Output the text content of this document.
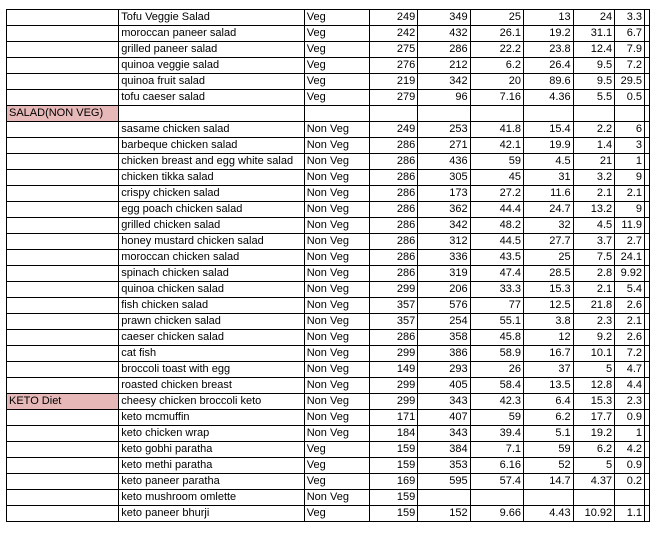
	Tofu Veggie Salad	Veg	249	349	25	13	24	3.3	
	moroccan paneer salad	Veg	242	432	26.1	19.2	31.1	6.7	
	grilled paneer salad	Veg	275	286	22.2	23.8	12.4	7.9	
	quinoa veggie salad	Veg	276	212	6.2	26.4	9.5	7.2	
	quinoa fruit salad	Veg	219	342	20	89.6	9.5	29.5	
	tofu caeser salad	Veg	279	96	7.16	4.36	5.5	0.5	
SALAD(NON VEG)									
	sasame chicken salad	Non Veg	249	253	41.8	15.4	2.2	6	
	barbeque chicken salad	Non Veg	286	271	42.1	19.9	1.4	3	
	chicken breast and egg white salad	Non Veg	286	436	59	4.5	21	1	
	chicken tikka salad	Non Veg	286	305	45	31	3.2	9	
	crispy chicken salad	Non Veg	286	173	27.2	11.6	2.1	2.1	
	egg poach chicken salad	Non Veg	286	362	44.4	24.7	13.2	9	
	grilled chicken salad	Non Veg	286	342	48.2	32	4.5	11.9	
	honey mustard chicken salad	Non Veg	286	312	44.5	27.7	3.7	2.7	
	moroccan chicken salad	Non Veg	286	336	43.5	25	7.5	24.1	
	spinach chicken salad	Non Veg	286	319	47.4	28.5	2.8	9.92	
	quinoa chicken salad	Non Veg	299	206	33.3	15.3	2.1	5.4	
	fish chicken salad	Non Veg	357	576	77	12.5	21.8	2.6	
	prawn chicken salad	Non Veg	357	254	55.1	3.8	2.3	2.1	
	caeser chicken salad	Non Veg	286	358	45.8	12	9.2	2.6	
	cat fish	Non Veg	299	386	58.9	16.7	10.1	7.2	
	broccoli toast with egg	Non Veg	149	293	26	37	5	4.7	
	roasted chicken breast	Non Veg	299	405	58.4	13.5	12.8	4.4	
KETO Diet	cheesy chicken broccoli keto	Non Veg	299	343	42.3	6.4	15.3	2.3	
	keto mcmuffin	Non Veg	171	407	59	6.2	17.7	0.9	
	keto chicken wrap	Non Veg	184	343	39.4	5.1	19.2	1	
	keto gobhi paratha	Veg	159	384	7.1	59	6.2	4.2	
	keto methi paratha	Veg	159	353	6.16	52	5	0.9	
	keto paneer paratha	Veg	169	595	57.4	14.7	4.37	0.2	
	keto mushroom omlette	Non Veg	159						
	keto paneer bhurji	Veg	159	152	9.66	4.43	10.92	1.1	
